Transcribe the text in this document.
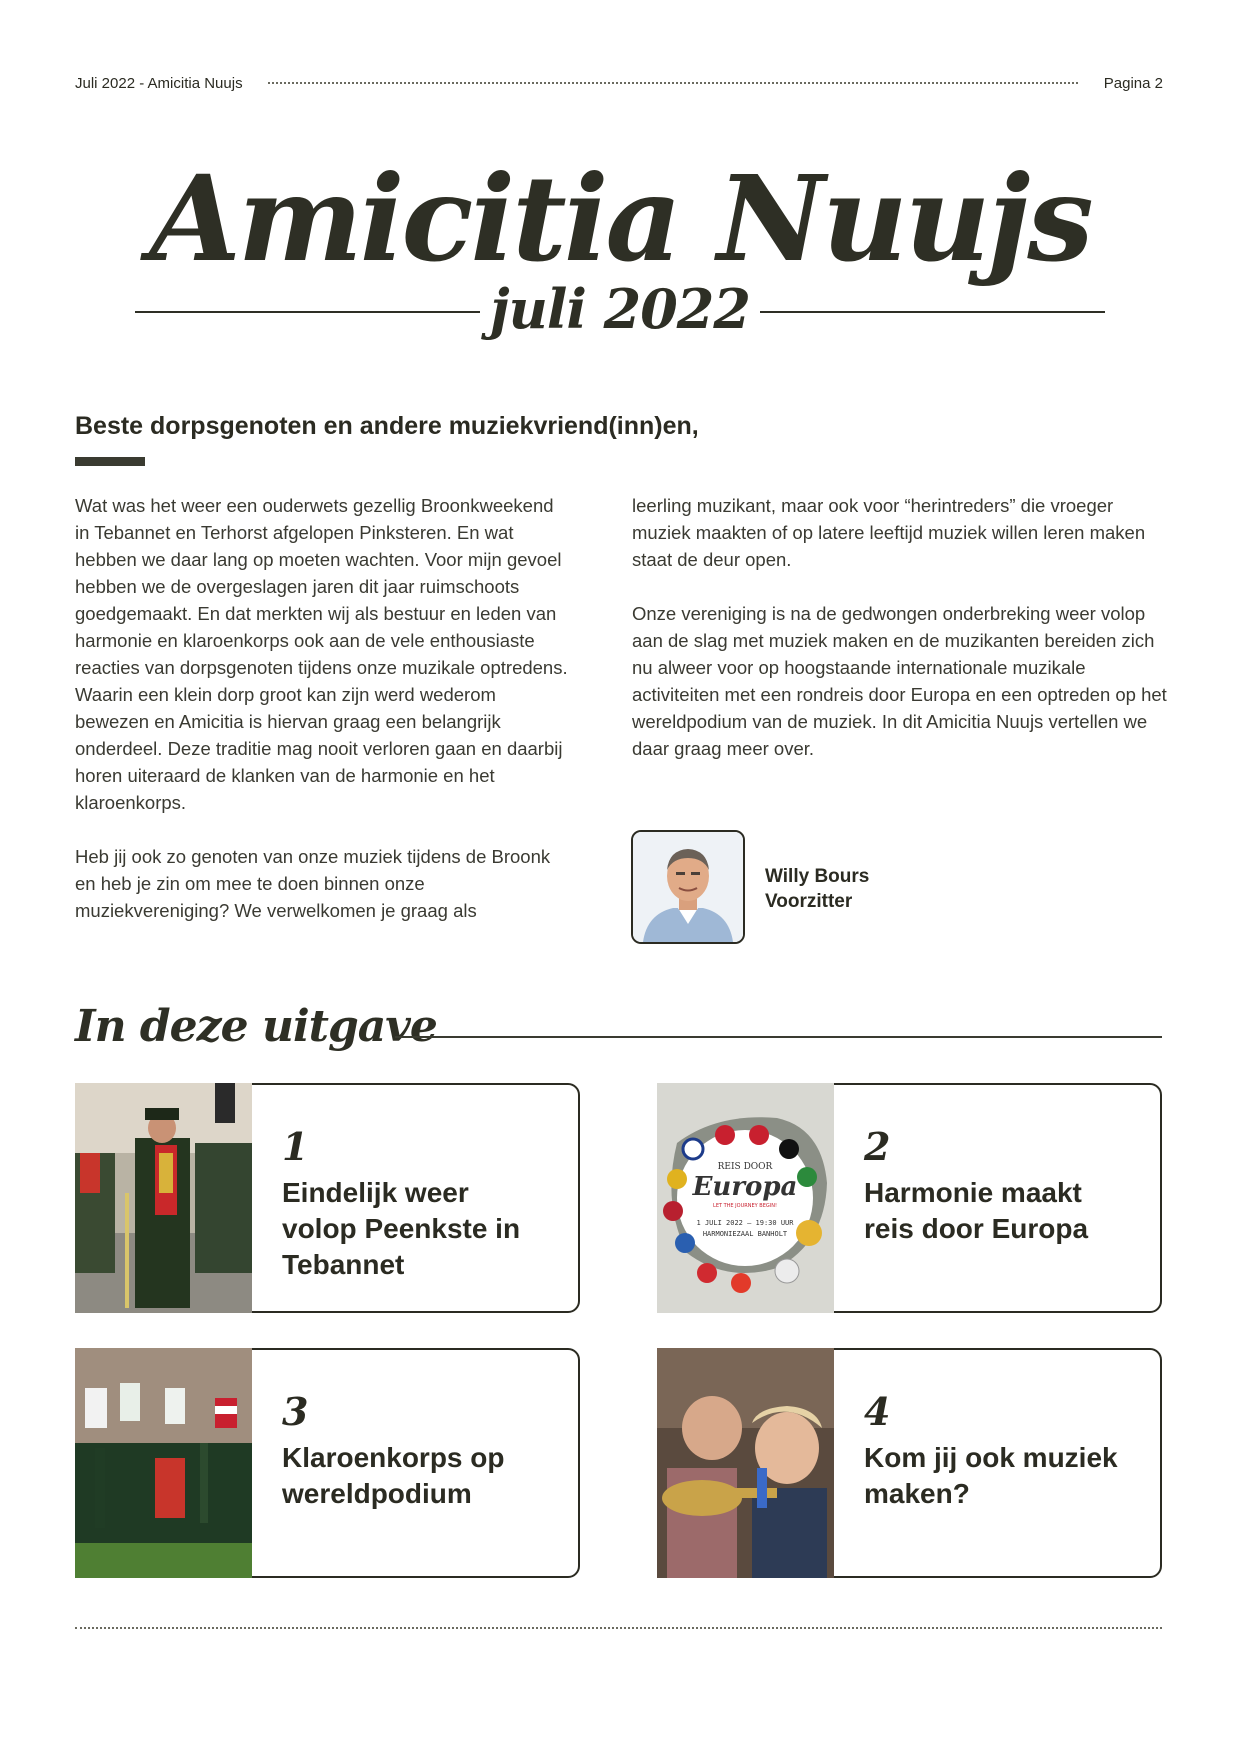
Juli 2022 - Amicitia Nuujs	Pagina 2
Amicitia Nuujs
juli 2022
Beste dorpsgenoten en andere muziekvriend(inn)en,

Wat was het weer een ouderwets gezellig Broonkweekend in Tebannet en Terhorst afgelopen Pinksteren. En wat hebben we daar lang op moeten wachten. Voor mijn gevoel hebben we de overgeslagen jaren dit jaar ruimschoots goedgemaakt. En dat merkten wij als bestuur en leden van harmonie en klaroenkorps ook aan de vele enthousiaste reacties van dorpsgenoten tijdens onze muzikale optredens. Waarin een klein dorp groot kan zijn werd wederom bewezen en Amicitia is hiervan graag een belangrijk onderdeel. Deze traditie mag nooit verloren gaan en daarbij horen uiteraard de klanken van de harmonie en het klaroenkorps.

Heb jij ook zo genoten van onze muziek tijdens de Broonk en heb je zin om mee te doen binnen onze muziekvereniging? We verwelkomen je graag als

leerling muzikant, maar ook voor “herintreders” die vroeger muziek maakten of op latere leeftijd muziek willen leren maken staat de deur open.

Onze vereniging is na de gedwongen onderbreking weer volop aan de slag met muziek maken en de muzikanten bereiden zich nu alweer voor op hoogstaande internationale muzikale activiteiten met een rondreis door Europa en een optreden op het wereldpodium van de muziek. In dit Amicitia Nuujs vertellen we daar graag meer over.

Willy Bours
Voorzitter
In deze uitgave
1
Eindelijk weer volop Peenkste in Tebannet
REIS DOOR
Europa
LET THE JOURNEY BEGIN!
1 JULI 2022 – 19:30 UUR
HARMONIEZAAL BANHOLT
2
Harmonie maakt reis door Europa
3
Klaroenkorps op wereldpodium
4
Kom jij ook muziek maken?
